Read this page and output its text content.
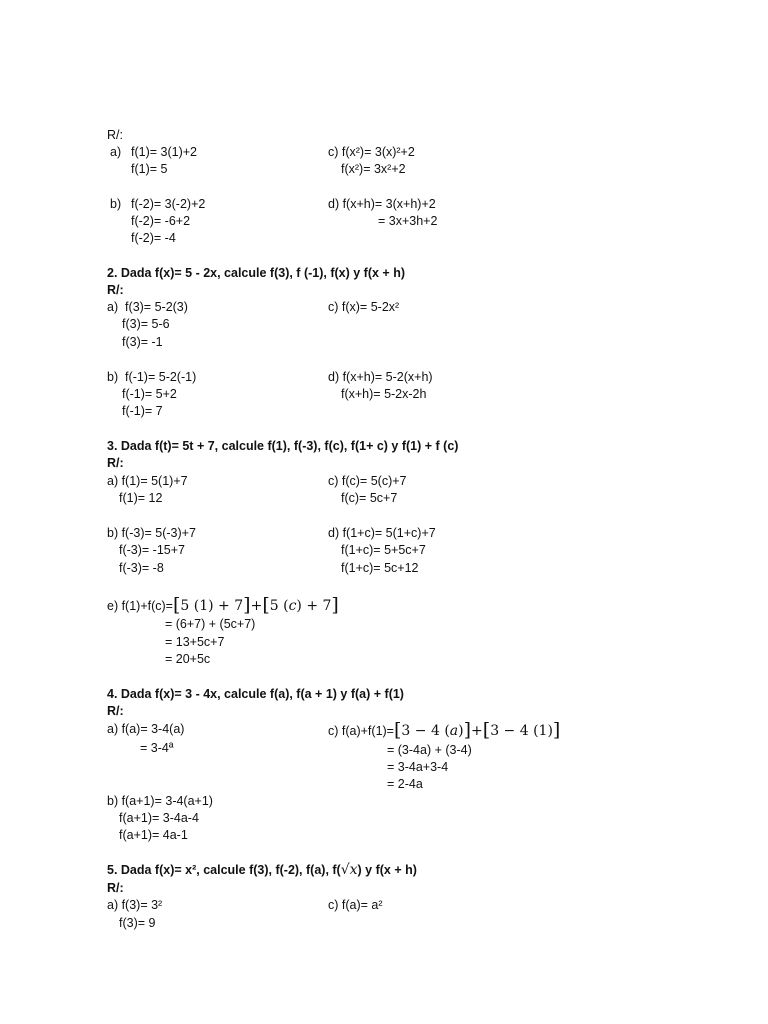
R/:
a) f(1)= 3(1)+2
f(1)= 5
b) f(-2)= 3(-2)+2
f(-2)= -6+2
f(-2)= -4
c) f(x²)= 3(x)²+2
f(x²)= 3x²+2
d) f(x+h)= 3(x+h)+2
= 3x+3h+2
2. Dada f(x)= 5 - 2x, calcule f(3), f (-1), f(x) y f(x + h)
R/:
a)  f(3)= 5-2(3)
f(3)= 5-6
f(3)= -1
b)  f(-1)= 5-2(-1)
f(-1)= 5+2
f(-1)= 7
c) f(x)= 5-2x²
d) f(x+h)= 5-2(x+h)
f(x+h)= 5-2x-2h
3. Dada f(t)= 5t + 7, calcule f(1), f(-3), f(c), f(1+ c) y f(1) + f (c)
R/:
a) f(1)= 5(1)+7
f(1)= 12
b) f(-3)= 5(-3)+7
f(-3)= -15+7
f(-3)= -8
c) f(c)= 5(c)+7
f(c)= 5c+7
d) f(1+c)= 5(1+c)+7
f(1+c)= 5+5c+7
f(1+c)= 5c+12
e) f(1)+f(c)=[5 (1) + 7]+[5 (c) + 7]
= (6+7) + (5c+7)
= 13+5c+7
= 20+5c
4. Dada f(x)= 3 - 4x, calcule f(a), f(a + 1) y f(a) + f(1)
R/:
a) f(a)= 3-4(a)
= 3-4ª
b) f(a+1)= 3-4(a+1)
f(a+1)= 3-4a-4
f(a+1)= 4a-1
c) f(a)+f(1)=[3 − 4 (a)]+[3 − 4 (1)]
= (3-4a) + (3-4)
= 3-4a+3-4
= 2-4a
5. Dada f(x)= x², calcule f(3), f(-2), f(a), f(√x) y f(x + h)
R/:
a) f(3)= 3²
f(3)= 9
c) f(a)= a²
